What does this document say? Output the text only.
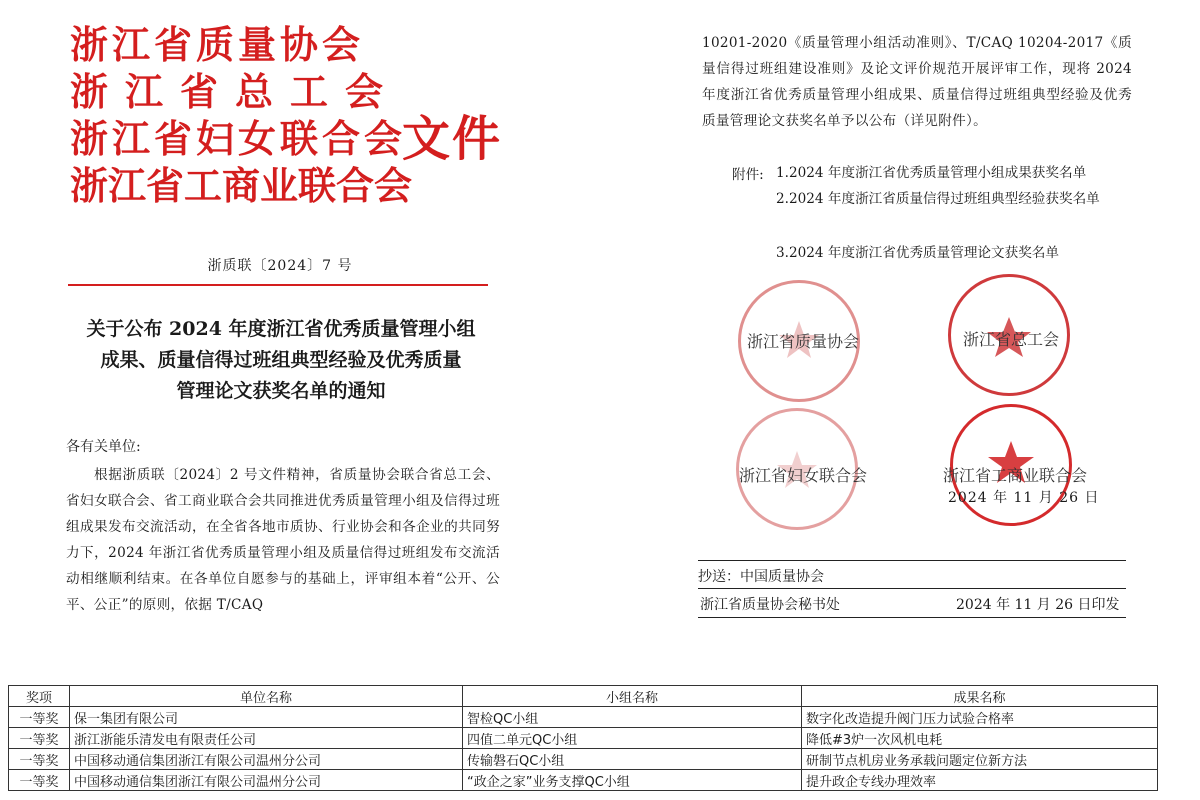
浙江省质量协会
浙江省总工会
浙江省妇女联合会
浙江省工商业联合会
文件
浙质联〔2024〕7 号
关于公布 2024 年度浙江省优秀质量管理小组
成果、质量信得过班组典型经验及优秀质量
管理论文获奖名单的通知
各有关单位:
根据浙质联〔2024〕2 号文件精神，省质量协会联合省总工会、省妇女联合会、省工商业联合会共同推进优秀质量管理小组及信得过班组成果发布交流活动，在全省各地市质协、行业协会和各企业的共同努力下，2024 年浙江省优秀质量管理小组及质量信得过班组发布交流活动相继顺利结束。在各单位自愿参与的基础上，评审组本着“公开、公平、公正”的原则，依据 T/CAQ
10201-2020《质量管理小组活动准则》、T/CAQ 10204-2017《质量信得过班组建设准则》及论文评价规范开展评审工作，现将 2024 年度浙江省优秀质量管理小组成果、质量信得过班组典型经验及优秀质量管理论文获奖名单予以公布（详见附件）。
附件: 1.2024 年度浙江省优秀质量管理小组成果获奖名单
2.2024 年度浙江省质量信得过班组典型经验获奖名单
3.2024 年度浙江省优秀质量管理论文获奖名单
浙江省质量协会	浙江省总工会
浙江省妇女联合会	浙江省工商业联合会
2024 年 11 月 26 日
抄送：中国质量协会
浙江省质量协会秘书处	2024 年 11 月 26 日印发
奖项	单位名称	小组名称	成果名称
一等奖	保一集团有限公司	智检QC小组	数字化改造提升阀门压力试验合格率
一等奖	浙江浙能乐清发电有限责任公司	四值二单元QC小组	降低#3炉一次风机电耗
一等奖	中国移动通信集团浙江有限公司温州分公司	传输磐石QC小组	研制节点机房业务承载问题定位新方法
一等奖	中国移动通信集团浙江有限公司温州分公司	“政企之家”业务支撑QC小组	提升政企专线办理效率
